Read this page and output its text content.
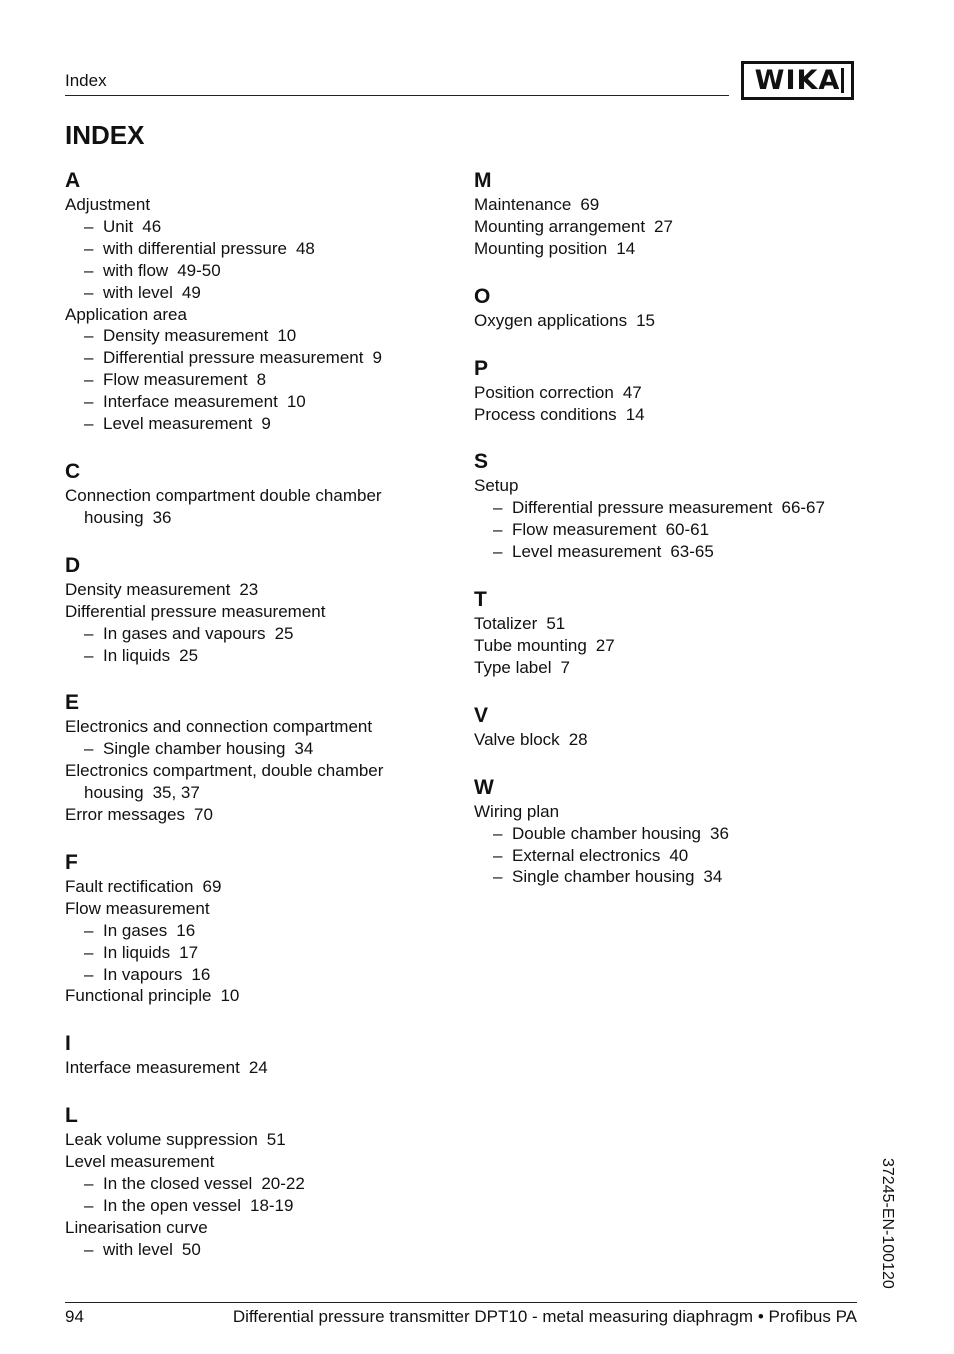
Index	WIKA
INDEX
A
Adjustment
– Unit 46
– with differential pressure 48
– with flow 49-50
– with level 49
Application area
– Density measurement 10
– Differential pressure measurement 9
– Flow measurement 8
– Interface measurement 10
– Level measurement 9
C
Connection compartment double chamber housing 36
D
Density measurement 23
Differential pressure measurement
– In gases and vapours 25
– In liquids 25
E
Electronics and connection compartment
– Single chamber housing 34
Electronics compartment, double chamber housing 35, 37
Error messages 70
F
Fault rectification 69
Flow measurement
– In gases 16
– In liquids 17
– In vapours 16
Functional principle 10
I
Interface measurement 24
L
Leak volume suppression 51
Level measurement
– In the closed vessel 20-22
– In the open vessel 18-19
Linearisation curve
– with level 50
M
Maintenance 69
Mounting arrangement 27
Mounting position 14
O
Oxygen applications 15
P
Position correction 47
Process conditions 14
S
Setup
– Differential pressure measurement 66-67
– Flow measurement 60-61
– Level measurement 63-65
T
Totalizer 51
Tube mounting 27
Type label 7
V
Valve block 28
W
Wiring plan
– Double chamber housing 36
– External electronics 40
– Single chamber housing 34
94	Differential pressure transmitter DPT10 - metal measuring diaphragm • Profibus PA
37245-EN-100120
